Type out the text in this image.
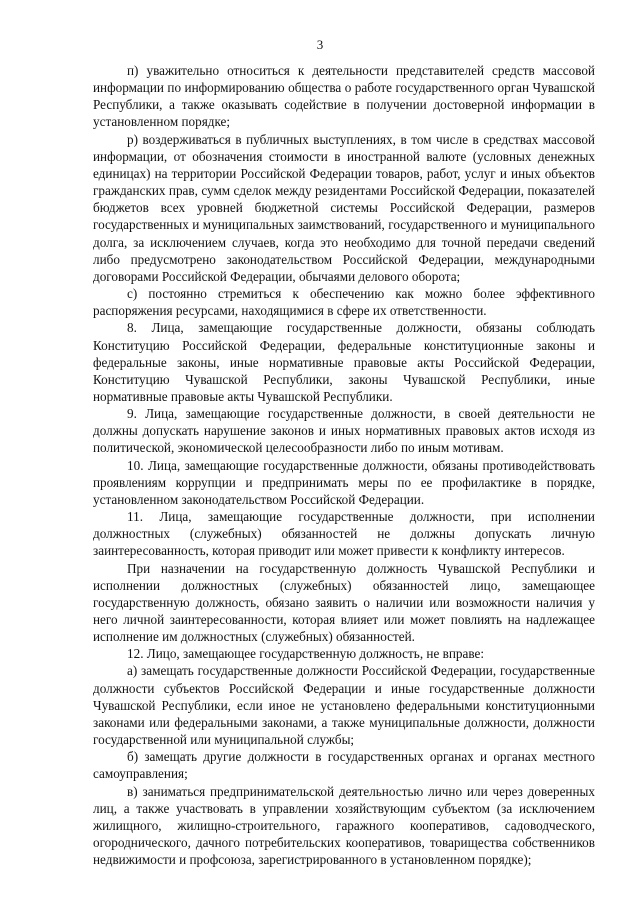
3

п) уважительно относиться к деятельности представителей средств массовой информации по информированию общества о работе государственного орган Чувашской Республики, а также оказывать содействие в получении достоверной информации в установленном порядке;

р) воздерживаться в публичных выступлениях, в том числе в средствах массовой информации, от обозначения стоимости в иностранной валюте (условных денежных единицах) на территории Российской Федерации товаров, работ, услуг и иных объектов гражданских прав, сумм сделок между резидентами Российской Федерации, показателей бюджетов всех уровней бюджетной системы Российской Федерации, размеров государственных и муниципальных заимствований, государственного и муниципального долга, за исключением случаев, когда это необходимо для точной передачи сведений либо предусмотрено законодательством Российской Федерации, международными договорами Российской Федерации, обычаями делового оборота;

с) постоянно стремиться к обеспечению как можно более эффективного распоряжения ресурсами, находящимися в сфере их ответственности.

8. Лица, замещающие государственные должности, обязаны соблюдать Конституцию Российской Федерации, федеральные конституционные законы и федеральные законы, иные нормативные правовые акты Российской Федерации, Конституцию Чувашской Республики, законы Чувашской Республики, иные нормативные правовые акты Чувашской Республики.

9. Лица, замещающие государственные должности, в своей деятельности не должны допускать нарушение законов и иных нормативных правовых актов исходя из политической, экономической целесообразности либо по иным мотивам.

10. Лица, замещающие государственные должности, обязаны противодействовать проявлениям коррупции и предпринимать меры по ее профилактике в порядке, установленном законодательством Российской Федерации.

11. Лица, замещающие государственные должности, при исполнении должностных (служебных) обязанностей не должны допускать личную заинтересованность, которая приводит или может привести к конфликту интересов.

При назначении на государственную должность Чувашской Республики и исполнении должностных (служебных) обязанностей лицо, замещающее государственную должность, обязано заявить о наличии или возможности наличия у него личной заинтересованности, которая влияет или может повлиять на надлежащее исполнение им должностных (служебных) обязанностей.

12. Лицо, замещающее государственную должность, не вправе:

а) замещать государственные должности Российской Федерации, государственные должности субъектов Российской Федерации и иные государственные должности Чувашской Республики, если иное не установлено федеральными конституционными законами или федеральными законами, а также муниципальные должности, должности государственной или муниципальной службы;

б) замещать другие должности в государственных органах и органах местного самоуправления;

в) заниматься предпринимательской деятельностью лично или через доверенных лиц, а также участвовать в управлении хозяйствующим субъектом (за исключением жилищного, жилищно-строительного, гаражного кооперативов, садоводческого, огороднического, дачного потребительских кооперативов, товарищества собственников недвижимости и профсоюза, зарегистрированного в установленном порядке);
